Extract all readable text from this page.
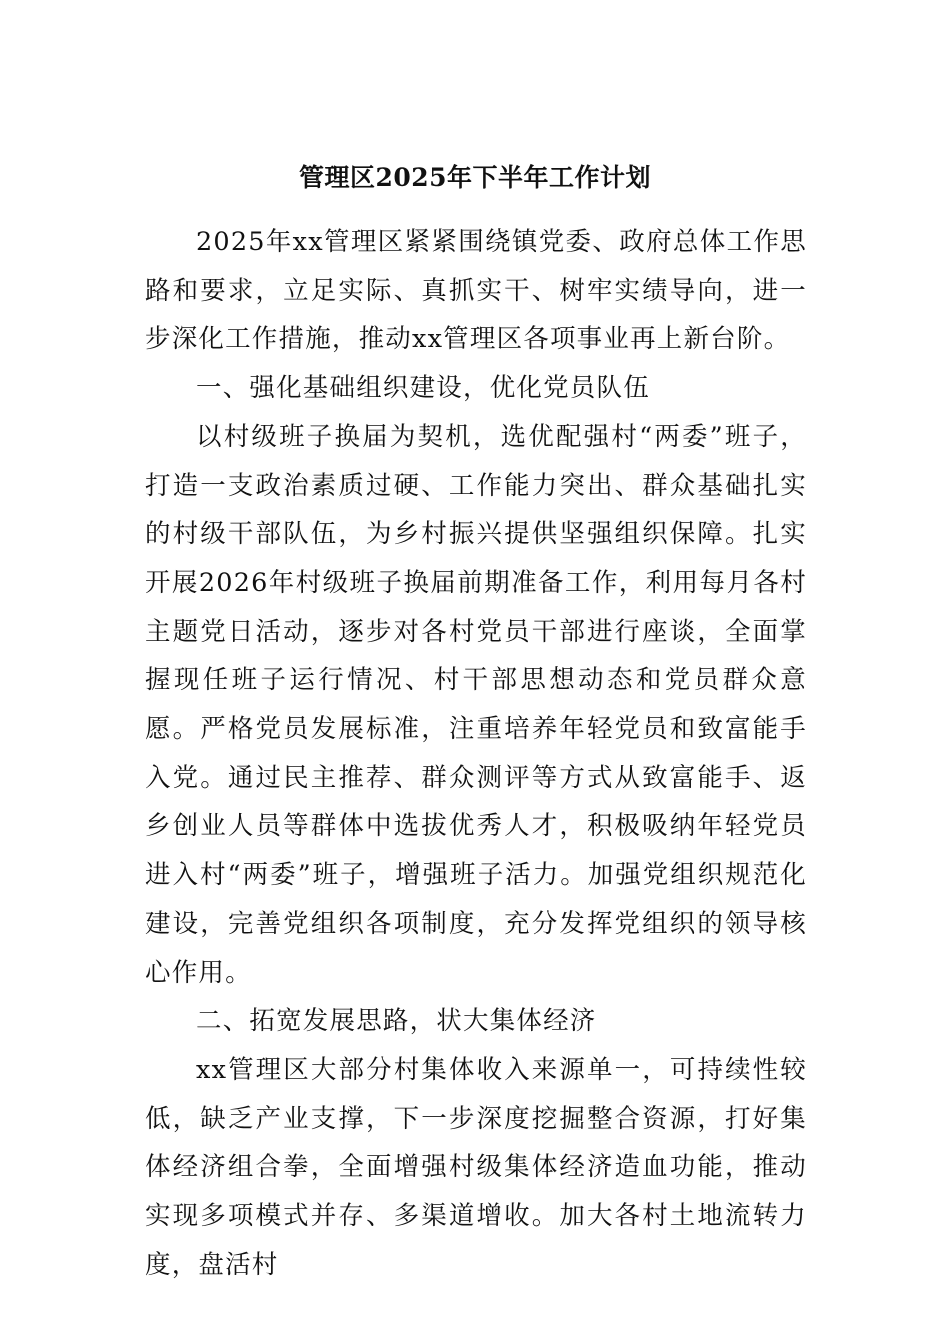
管理区2025年下半年工作计划

2025年xx管理区紧紧围绕镇党委、政府总体工作思路和要求，立足实际、真抓实干、树牢实绩导向，进一步深化工作措施，推动xx管理区各项事业再上新台阶。

一、强化基础组织建设，优化党员队伍

以村级班子换届为契机，选优配强村“两委”班子，打造一支政治素质过硬、工作能力突出、群众基础扎实的村级干部队伍，为乡村振兴提供坚强组织保障。扎实开展2026年村级班子换届前期准备工作，利用每月各村主题党日活动，逐步对各村党员干部进行座谈，全面掌握现任班子运行情况、村干部思想动态和党员群众意愿。严格党员发展标准，注重培养年轻党员和致富能手入党。通过民主推荐、群众测评等方式从致富能手、返乡创业人员等群体中选拔优秀人才，积极吸纳年轻党员进入村“两委”班子，增强班子活力。加强党组织规范化建设，完善党组织各项制度，充分发挥党组织的领导核心作用。

二、拓宽发展思路，状大集体经济

xx管理区大部分村集体收入来源单一，可持续性较低，缺乏产业支撑，下一步深度挖掘整合资源，打好集体经济组合拳，全面增强村级集体经济造血功能，推动实现多项模式并存、多渠道增收。加大各村土地流转力度，盘活村
